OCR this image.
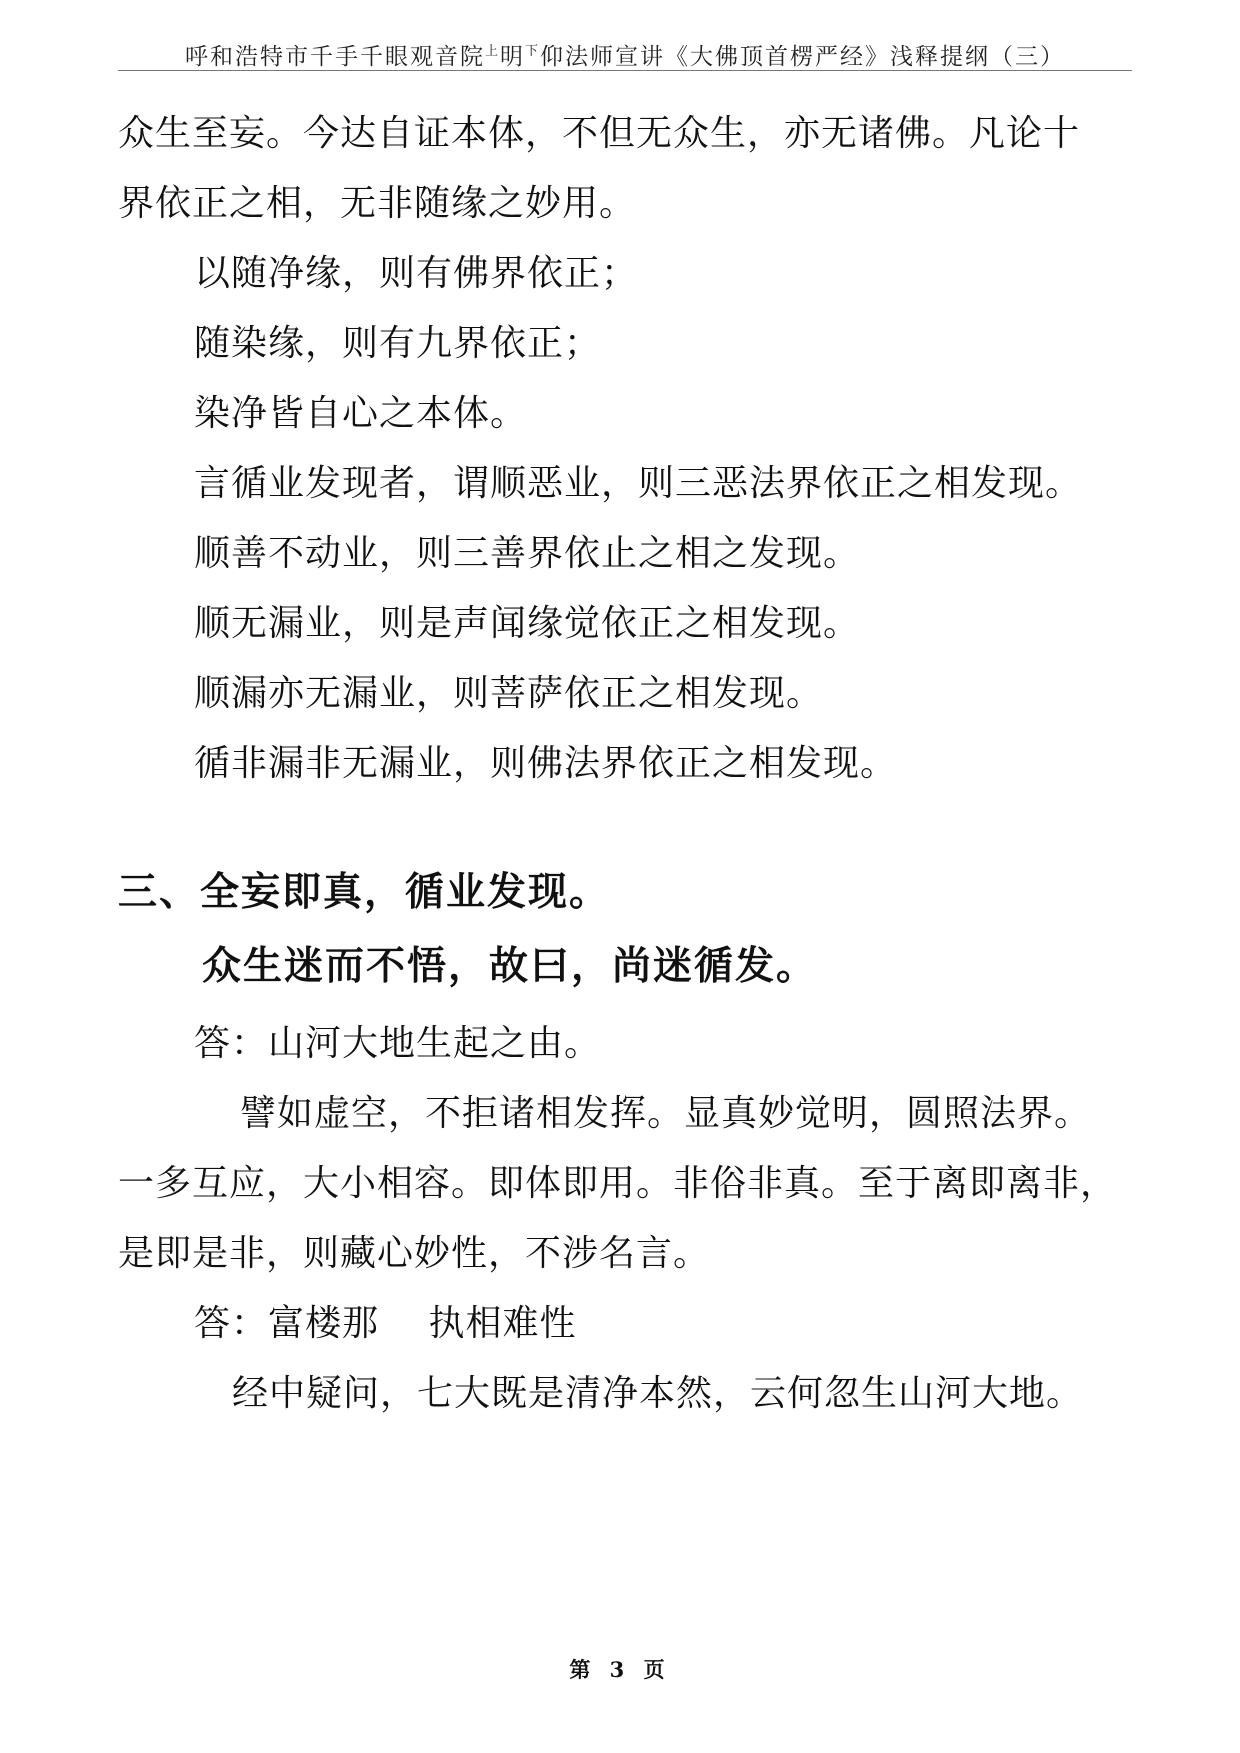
呼和浩特市千手千眼观音院$^上$明$^下$仰法师宣讲《大佛顶首楞严经》浅释提纲（三）
众生至妄。今达自证本体，不但无众生，亦无诸佛。凡论十
界依正之相，无非随缘之妙用。
以随净缘，则有佛界依正；
随染缘，则有九界依正；
染净皆自心之本体。
言循业发现者，谓顺恶业，则三恶法界依正之相发现。
顺善不动业，则三善界依止之相之发现。
顺无漏业，则是声闻缘觉依正之相发现。
顺漏亦无漏业，则菩萨依正之相发现。
循非漏非无漏业，则佛法界依正之相发现。
三、全妄即真，循业发现。
众生迷而不悟，故曰，尚迷循发。
答：山河大地生起之由。
譬如虚空，不拒诸相发挥。显真妙觉明，圆照法界。
一多互应，大小相容。即体即用。非俗非真。至于离即离非，
是即是非，则藏心妙性，不涉名言。
答：富楼那　 执相难性
经中疑问，七大既是清净本然，云何忽生山河大地。
第 3 页
